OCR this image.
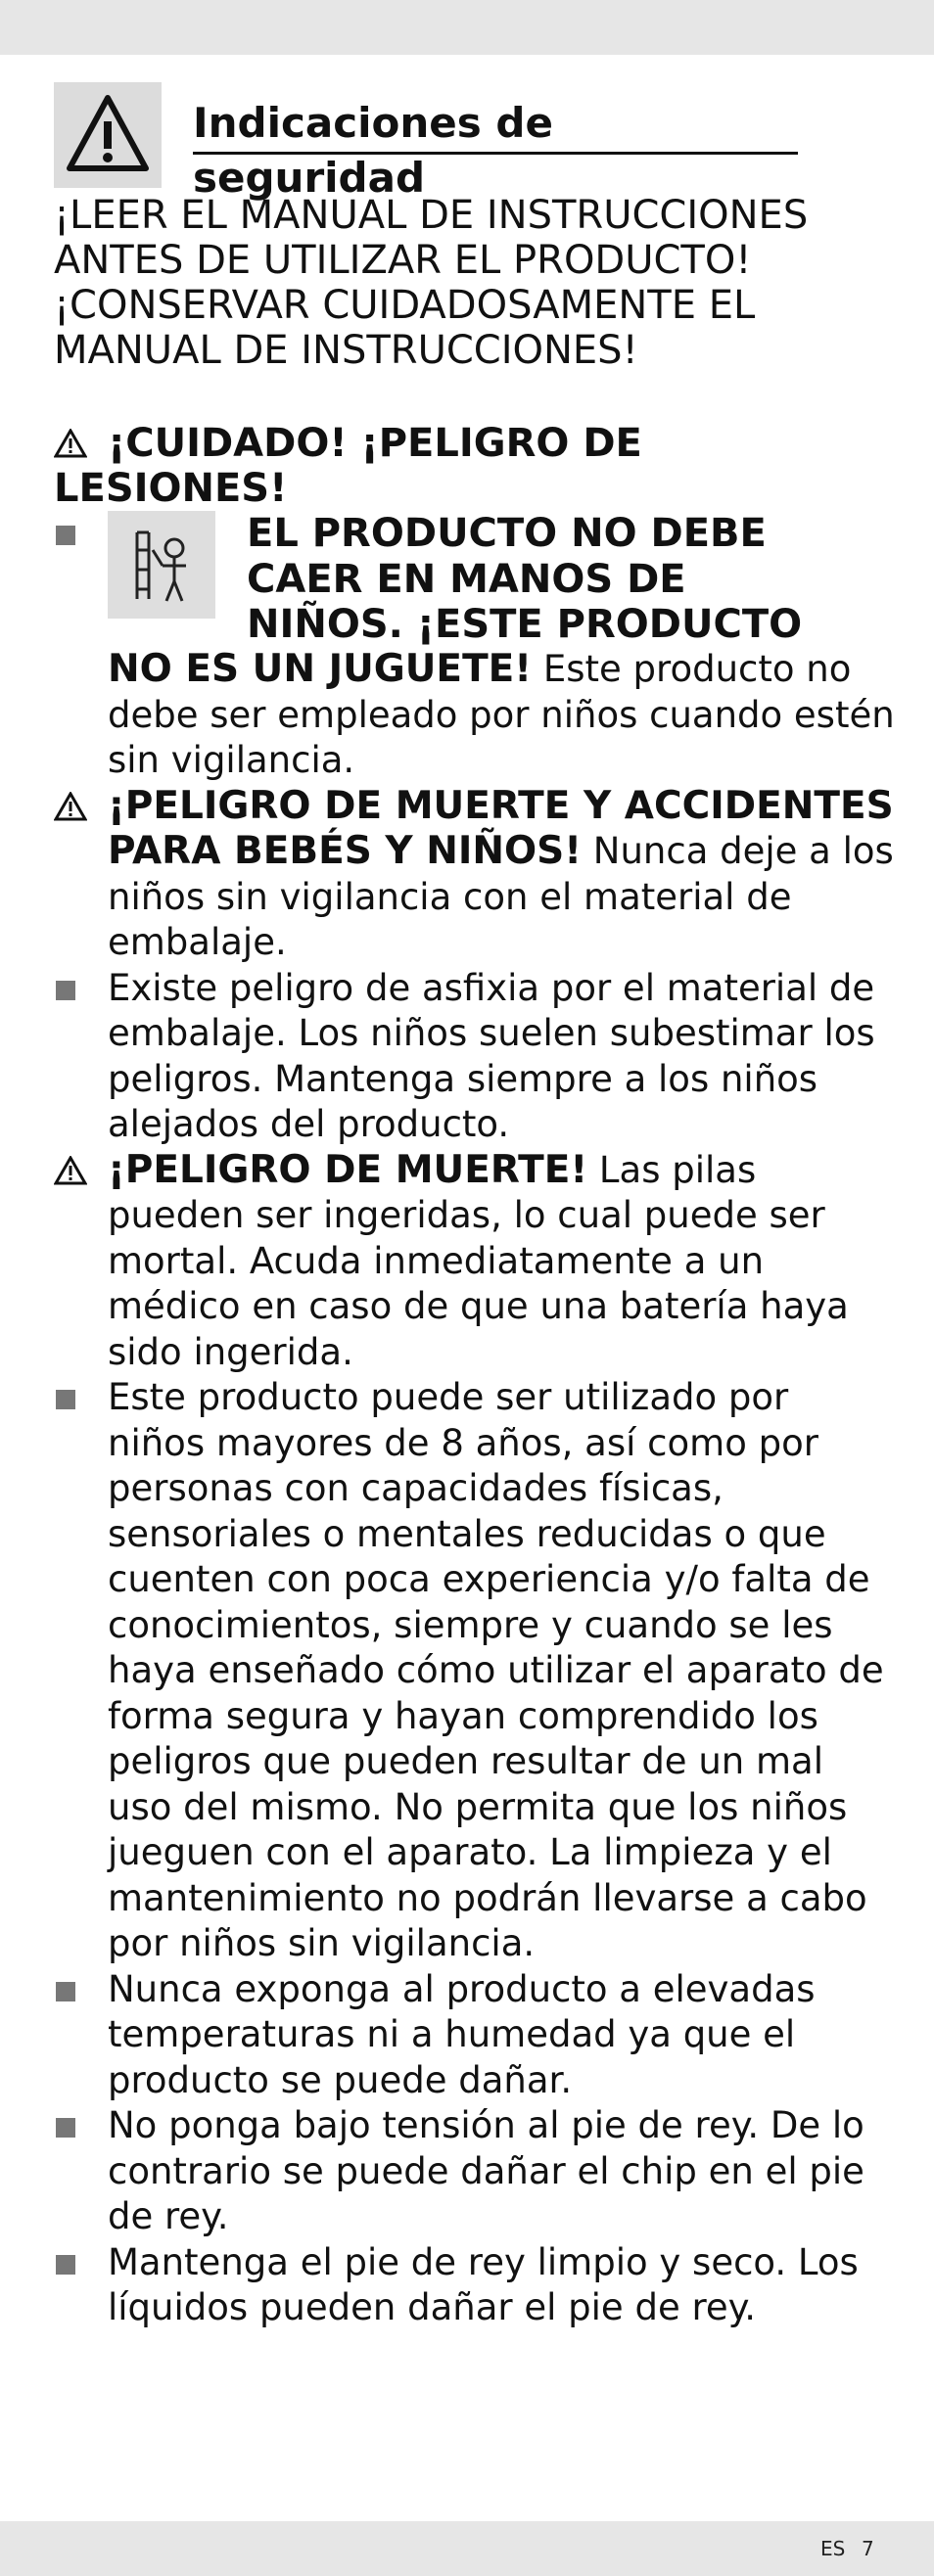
Indicaciones de seguridad
¡LEER EL MANUAL DE INSTRUCCIONES
ANTES DE UTILIZAR EL PRODUCTO!
¡CONSERVAR CUIDADOSAMENTE EL
MANUAL DE INSTRUCCIONES!
¡CUIDADO! ¡PELIGRO DE
LESIONES!
EL PRODUCTO NO DEBE
CAER EN MANOS DE
NIÑOS. ¡ESTE PRODUCTO
NO ES UN JUGUETE! Este producto no debe ser empleado por niños cuando estén sin vigilancia.
¡PELIGRO DE MUERTE Y ACCIDENTES PARA BEBÉS Y NIÑOS! Nunca deje a los niños sin vigilancia con el material de embalaje.
Existe peligro de asfixia por el material de embalaje. Los niños suelen subestimar los peligros. Mantenga siempre a los niños alejados del producto.
¡PELIGRO DE MUERTE! Las pilas pueden ser ingeridas, lo cual puede ser mortal. Acuda inmediatamente a un médico en caso de que una batería haya sido ingerida.
Este producto puede ser utilizado por niños mayores de 8 años, así como por personas con capacidades físicas, sensoriales o mentales reducidas o que cuenten con poca experiencia y/o falta de conocimientos, siempre y cuando se les haya enseñado cómo utilizar el aparato de forma segura y hayan comprendido los peligros que pueden resultar de un mal uso del mismo. No permita que los niños jueguen con el aparato. La limpieza y el mantenimiento no podrán llevarse a cabo por niños sin vigilancia.
Nunca exponga al producto a elevadas temperaturas ni a humedad ya que el producto se puede dañar.
No ponga bajo tensión al pie de rey. De lo contrario se puede dañar el chip en el pie de rey.
Mantenga el pie de rey limpio y seco. Los líquidos pueden dañar el pie de rey.
ES 7
